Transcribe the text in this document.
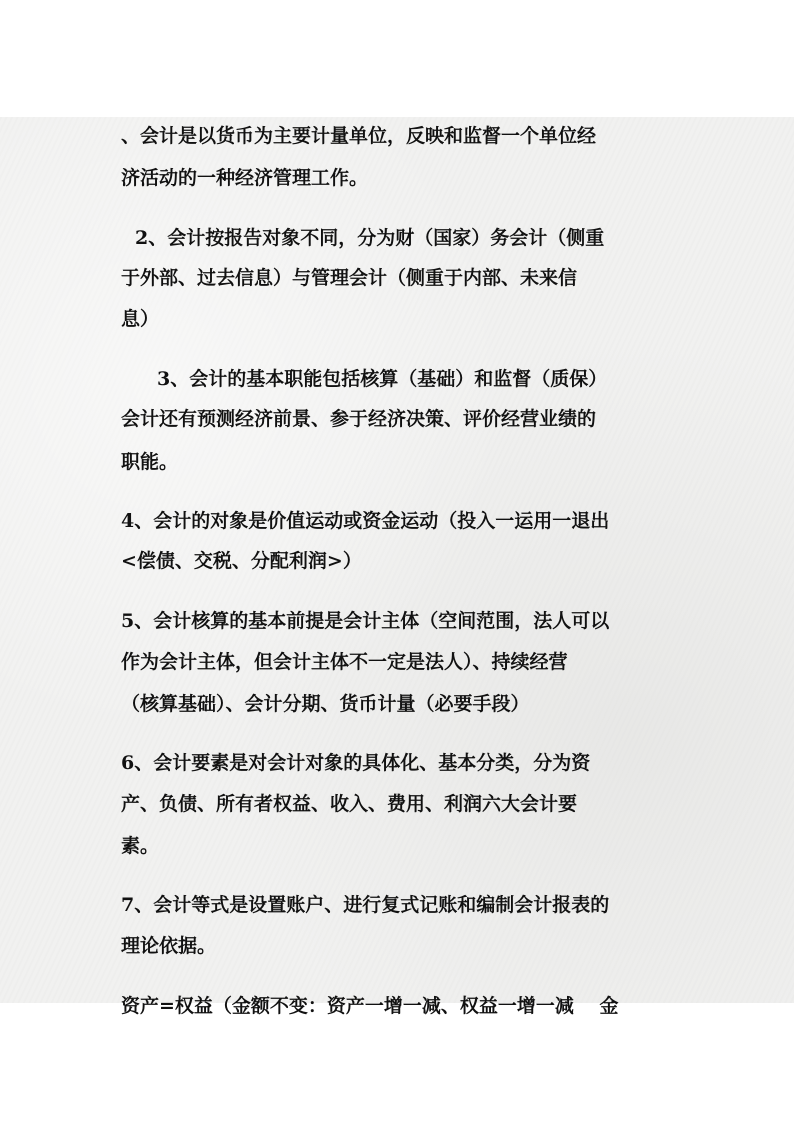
、会计是以货币为主要计量单位，反映和监督一个单位经
济活动的一种经济管理工作。
2、会计按报告对象不同，分为财（国家）务会计（侧重
于外部、过去信息）与管理会计（侧重于内部、未来信
息）
3、会计的基本职能包括核算（基础）和监督（质保）
会计还有预测经济前景、参于经济决策、评价经营业绩的
职能。
4、会计的对象是价值运动或资金运动（投入一运用一退出
<偿债、交税、分配利润>）
5、会计核算的基本前提是会计主体（空间范围，法人可以
作为会计主体，但会计主体不一定是法人）、持续经营
（核算基础）、会计分期、货币计量（必要手段）
6、会计要素是对会计对象的具体化、基本分类，分为资
产、负债、所有者权益、收入、费用、利润六大会计要
素。
7、会计等式是设置账户、进行复式记账和编制会计报表的
理论依据。
资产=权益（金额不变：资产一增一减、权益一增一减　 金
